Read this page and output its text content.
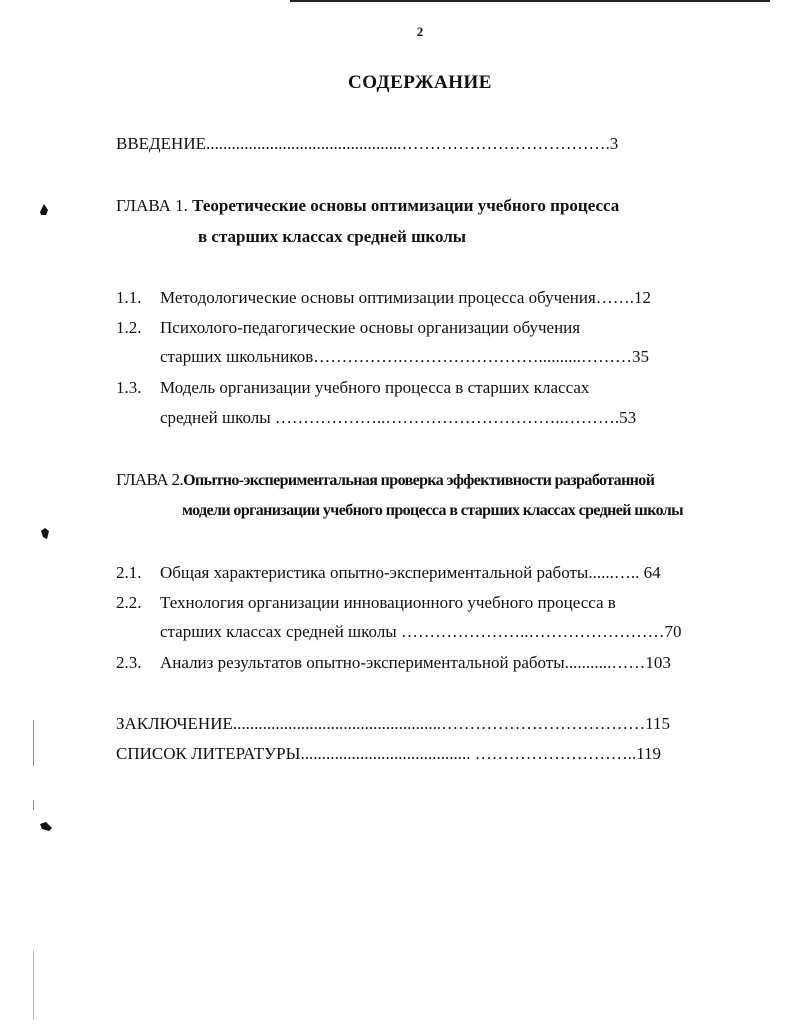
2
СОДЕРЖАНИЕ
ВВЕДЕНИЕ..............................................……………………………….3
ГЛАВА 1. Теоретические основы оптимизации учебного процесса
в старших классах средней школы
1.1. Методологические основы оптимизации процесса обучения…….12
1.2. Психолого-педагогические основы организации обучения
старших школьников…………….……………………..........………35
1.3. Модель организации учебного процесса в старших классах
средней школы ………………..…………………………..……….53
ГЛАВА 2.Опытно-экспериментальная проверка эффективности разработанной
модели организации учебного процесса в старших классах средней школы
2.1. Общая характеристика опытно-экспериментальной работы......….. 64
2.2. Технология организации инновационного учебного процесса в
старших классах средней школы …………………..……………………70
2.3. Анализ результатов опытно-экспериментальной работы...........……103
ЗАКЛЮЧЕНИЕ.................................................………………………………115
СПИСОК ЛИТЕРАТУРЫ........................................ ………………………..119
